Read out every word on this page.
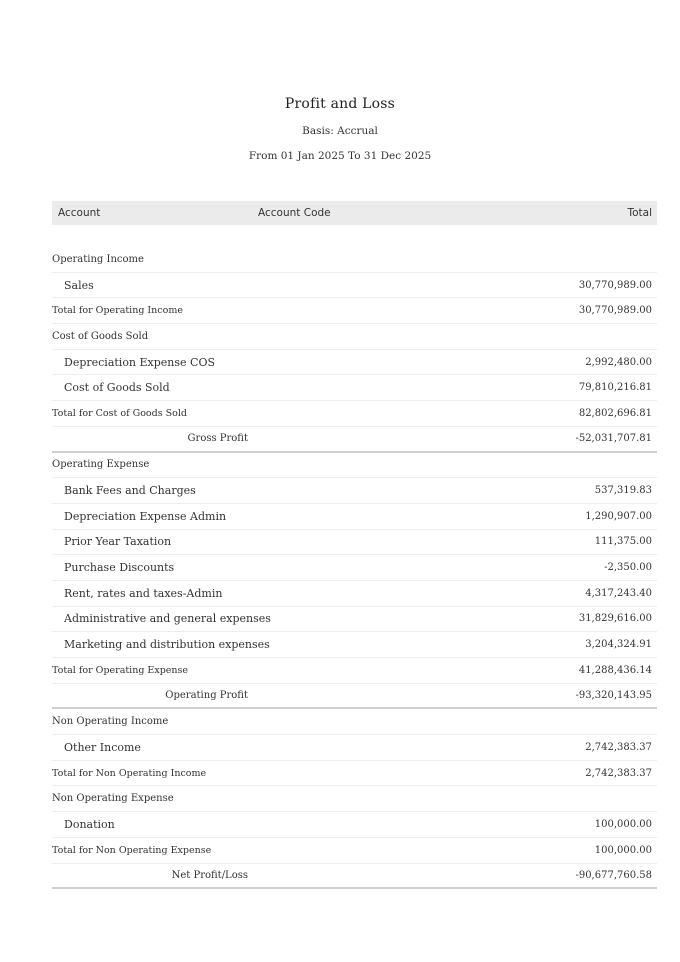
Profit and Loss
Basis: Accrual
From 01 Jan 2025 To 31 Dec 2025
Account	Account Code	Total
Operating Income
Sales	30,770,989.00
Total for Operating Income	30,770,989.00
Cost of Goods Sold
Depreciation Expense COS	2,992,480.00
Cost of Goods Sold	79,810,216.81
Total for Cost of Goods Sold	82,802,696.81
Gross Profit	-52,031,707.81
Operating Expense
Bank Fees and Charges	537,319.83
Depreciation Expense Admin	1,290,907.00
Prior Year Taxation	111,375.00
Purchase Discounts	-2,350.00
Rent, rates and taxes-Admin	4,317,243.40
Administrative and general expenses	31,829,616.00
Marketing and distribution expenses	3,204,324.91
Total for Operating Expense	41,288,436.14
Operating Profit	-93,320,143.95
Non Operating Income
Other Income	2,742,383.37
Total for Non Operating Income	2,742,383.37
Non Operating Expense
Donation	100,000.00
Total for Non Operating Expense	100,000.00
Net Profit/Loss	-90,677,760.58
